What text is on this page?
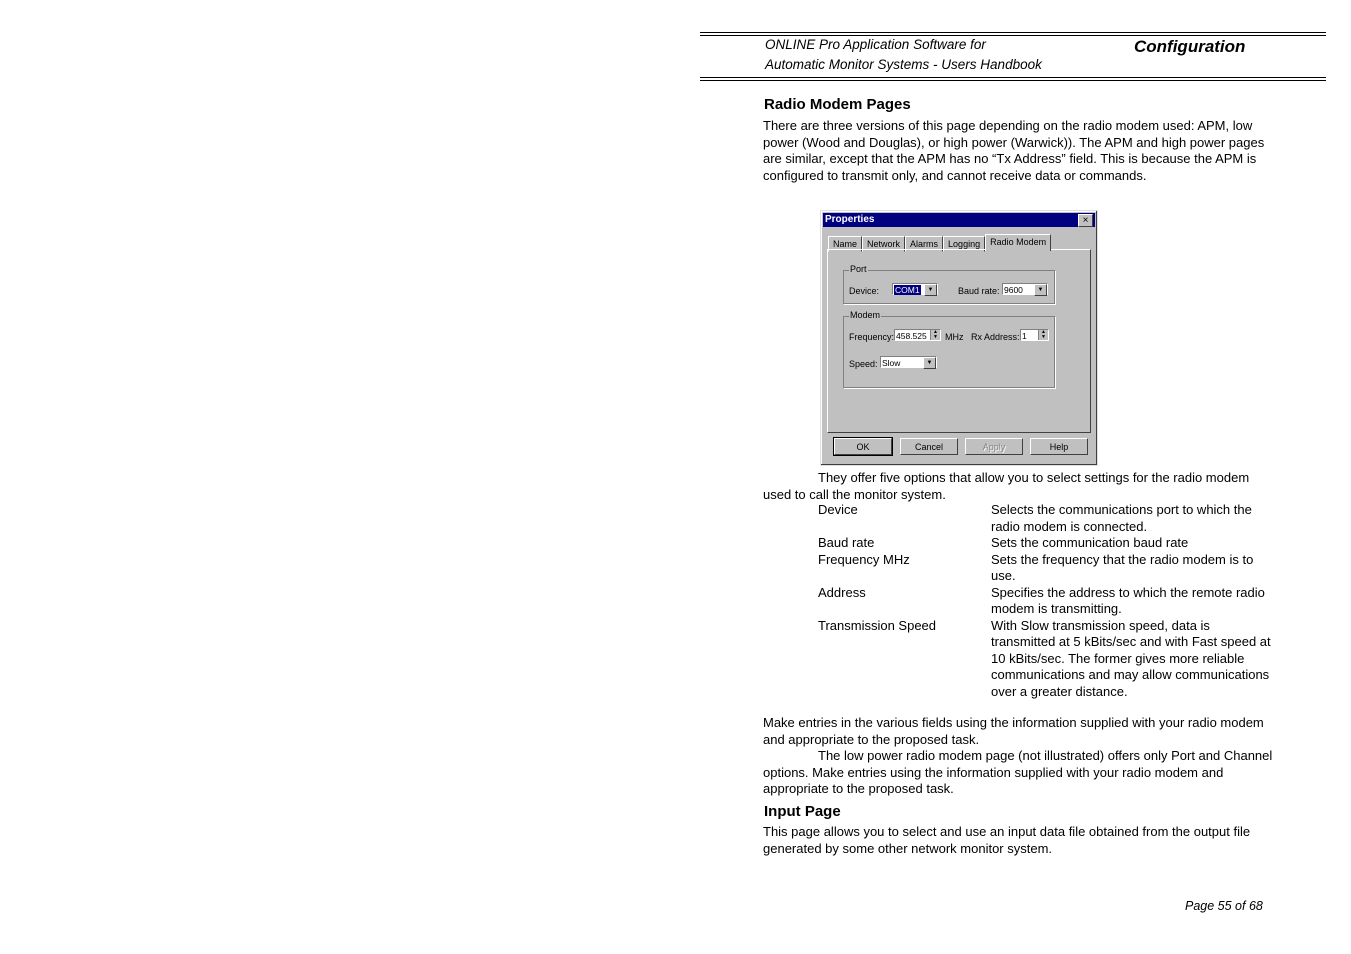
ONLINE Pro Application Software for
Automatic Monitor Systems - Users Handbook
Configuration
Radio Modem Pages

There are three versions of this page depending on the radio modem used: APM, low power (Wood and Douglas), or high power (Warwick)). The APM and high power pages are similar, except that the APM has no “Tx Address” field. This is because the APM is configured to transmit only, and cannot receive data or commands.

Properties	×
Name	Network	Alarms	Logging	Radio Modem
Port
Device:	COM1	▼	Baud rate: 9600	▼
Modem
Frequency: 458.525	▲
▼ MHz Rx Address: 1	▲
▼
Speed: Slow	▼
OK	Cancel	Apply	Help

They offer five options that allow you to select settings for the radio modem used to call the monitor system.

Device	Selects the communications port to which the radio modem is connected.
Baud rate	Sets the communication baud rate
Frequency MHz	Sets the frequency that the radio modem is to use.
Address	Specifies the address to which the remote radio modem is transmitting.
Transmission Speed	With Slow transmission speed, data is transmitted at 5 kBits/sec and with Fast speed at 10 kBits/sec. The former gives more reliable communications and may allow communications over a greater distance.

Make entries in the various fields using the information supplied with your radio modem and appropriate to the proposed task.

The low power radio modem page (not illustrated) offers only Port and Channel options. Make entries using the information supplied with your radio modem and appropriate to the proposed task.

Input Page

This page allows you to select and use an input data file obtained from the output file generated by some other network monitor system.

Page 55 of 68
